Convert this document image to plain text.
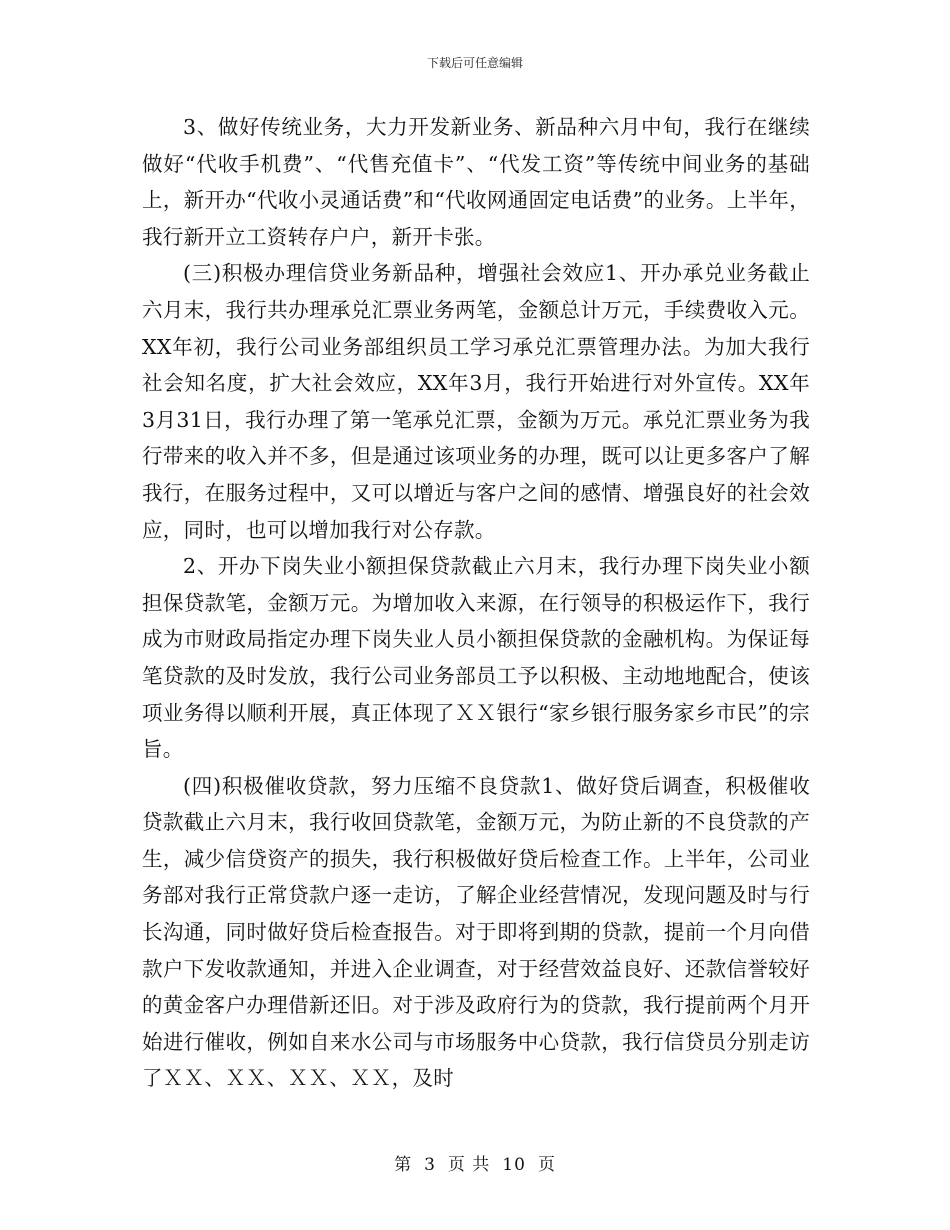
下载后可任意编辑

3、做好传统业务，大力开发新业务、新品种六月中旬，我行在继续做好“代收手机费”、“代售充值卡”、“代发工资”等传统中间业务的基础上，新开办“代收小灵通话费”和“代收网通固定电话费”的业务。上半年，我行新开立工资转存户户，新开卡张。

(三)积极办理信贷业务新品种，增强社会效应1、开办承兑业务截止六月末，我行共办理承兑汇票业务两笔，金额总计万元，手续费收入元。XX年初，我行公司业务部组织员工学习承兑汇票管理办法。为加大我行社会知名度，扩大社会效应，XX年3月，我行开始进行对外宣传。XX年3月31日，我行办理了第一笔承兑汇票，金额为万元。承兑汇票业务为我行带来的收入并不多，但是通过该项业务的办理，既可以让更多客户了解我行，在服务过程中，又可以增近与客户之间的感情、增强良好的社会效应，同时，也可以增加我行对公存款。

2、开办下岗失业小额担保贷款截止六月末，我行办理下岗失业小额担保贷款笔，金额万元。为增加收入来源，在行领导的积极运作下，我行成为市财政局指定办理下岗失业人员小额担保贷款的金融机构。为保证每笔贷款的及时发放，我行公司业务部员工予以积极、主动地地配合，使该项业务得以顺利开展，真正体现了ＸＸ银行“家乡银行服务家乡市民”的宗旨。

(四)积极催收贷款，努力压缩不良贷款1、做好贷后调查，积极催收贷款截止六月末，我行收回贷款笔，金额万元，为防止新的不良贷款的产生，减少信贷资产的损失，我行积极做好贷后检查工作。上半年，公司业务部对我行正常贷款户逐一走访，了解企业经营情况，发现问题及时与行长沟通，同时做好贷后检查报告。对于即将到期的贷款，提前一个月向借款户下发收款通知，并进入企业调查，对于经营效益良好、还款信誉较好的黄金客户办理借新还旧。对于涉及政府行为的贷款，我行提前两个月开始进行催收，例如自来水公司与市场服务中心贷款，我行信贷员分别走访了ＸＸ、ＸＸ、ＸＸ、ＸＸ，及时

第 3 页 共 10 页
